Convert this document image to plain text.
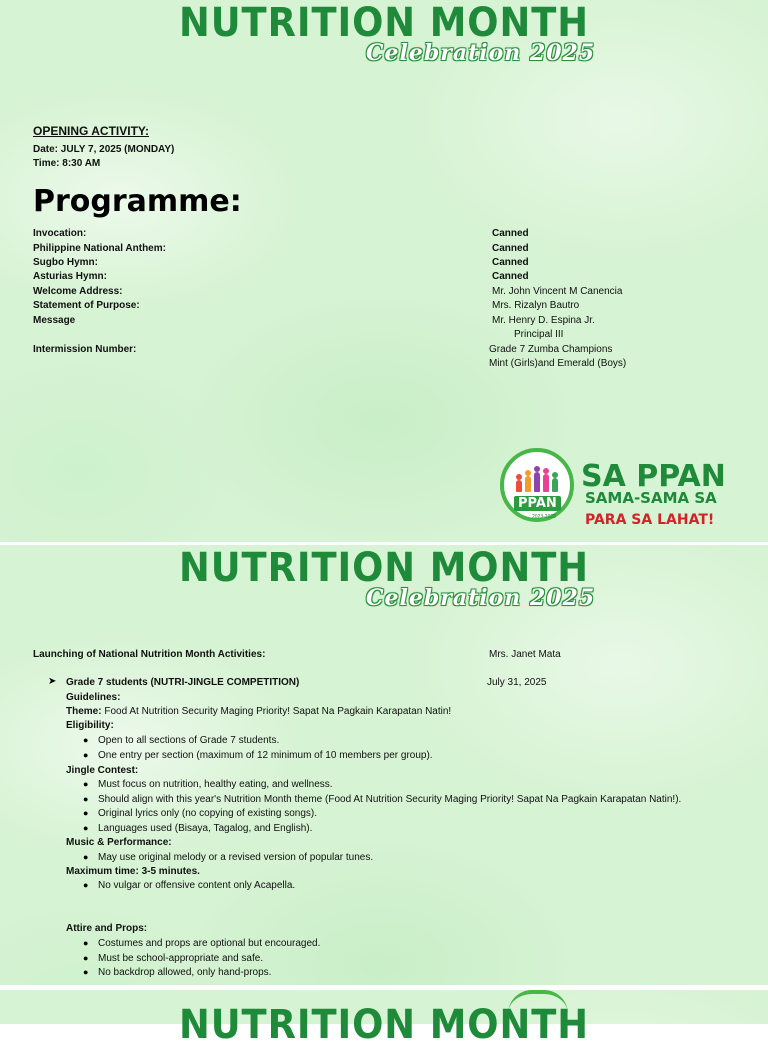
NUTRITION MONTH
Celebration 2025
OPENING ACTIVITY:
Date: JULY 7, 2025 (MONDAY)
Time: 8:30 AM
Programme:
Invocation:	Canned
Philippine National Anthem:	Canned
Sugbo Hymn:	Canned
Asturias Hymn:	Canned
Welcome Address:	Mr. John Vincent M Canencia
Statement of Purpose:	Mrs. Rizalyn Bautro
Message	Mr. Henry D. Espina Jr.
Principal III
Intermission Number:	Grade 7 Zumba Champions
Mint (Girls)and Emerald (Boys)
PPAN
2023-2028
SA PPAN
SAMA-SAMA SA
PARA SA LAHAT!
NUTRITION MONTH
Celebration 2025
Launching of National Nutrition Month Activities:	Mrs. Janet Mata
➤ Grade 7 students (NUTRI-JINGLE COMPETITION)	July 31, 2025
Guidelines:
Theme: Food At Nutrition Security Maging Priority! Sapat Na Pagkain Karapatan Natin!
Eligibility:
● Open to all sections of Grade 7 students.
● One entry per section (maximum of 12 minimum of 10 members per group).
Jingle Contest:
● Must focus on nutrition, healthy eating, and wellness.
● Should align with this year's Nutrition Month theme (Food At Nutrition Security Maging Priority! Sapat Na Pagkain Karapatan Natin!).
● Original lyrics only (no copying of existing songs).
● Languages used (Bisaya, Tagalog, and English).
Music & Performance:
● May use original melody or a revised version of popular tunes.
Maximum time: 3-5 minutes.
● No vulgar or offensive content only Acapella.
Attire and Props:
● Costumes and props are optional but encouraged.
● Must be school-appropriate and safe.
● No backdrop allowed, only hand-props.
NUTRITION MONTH
